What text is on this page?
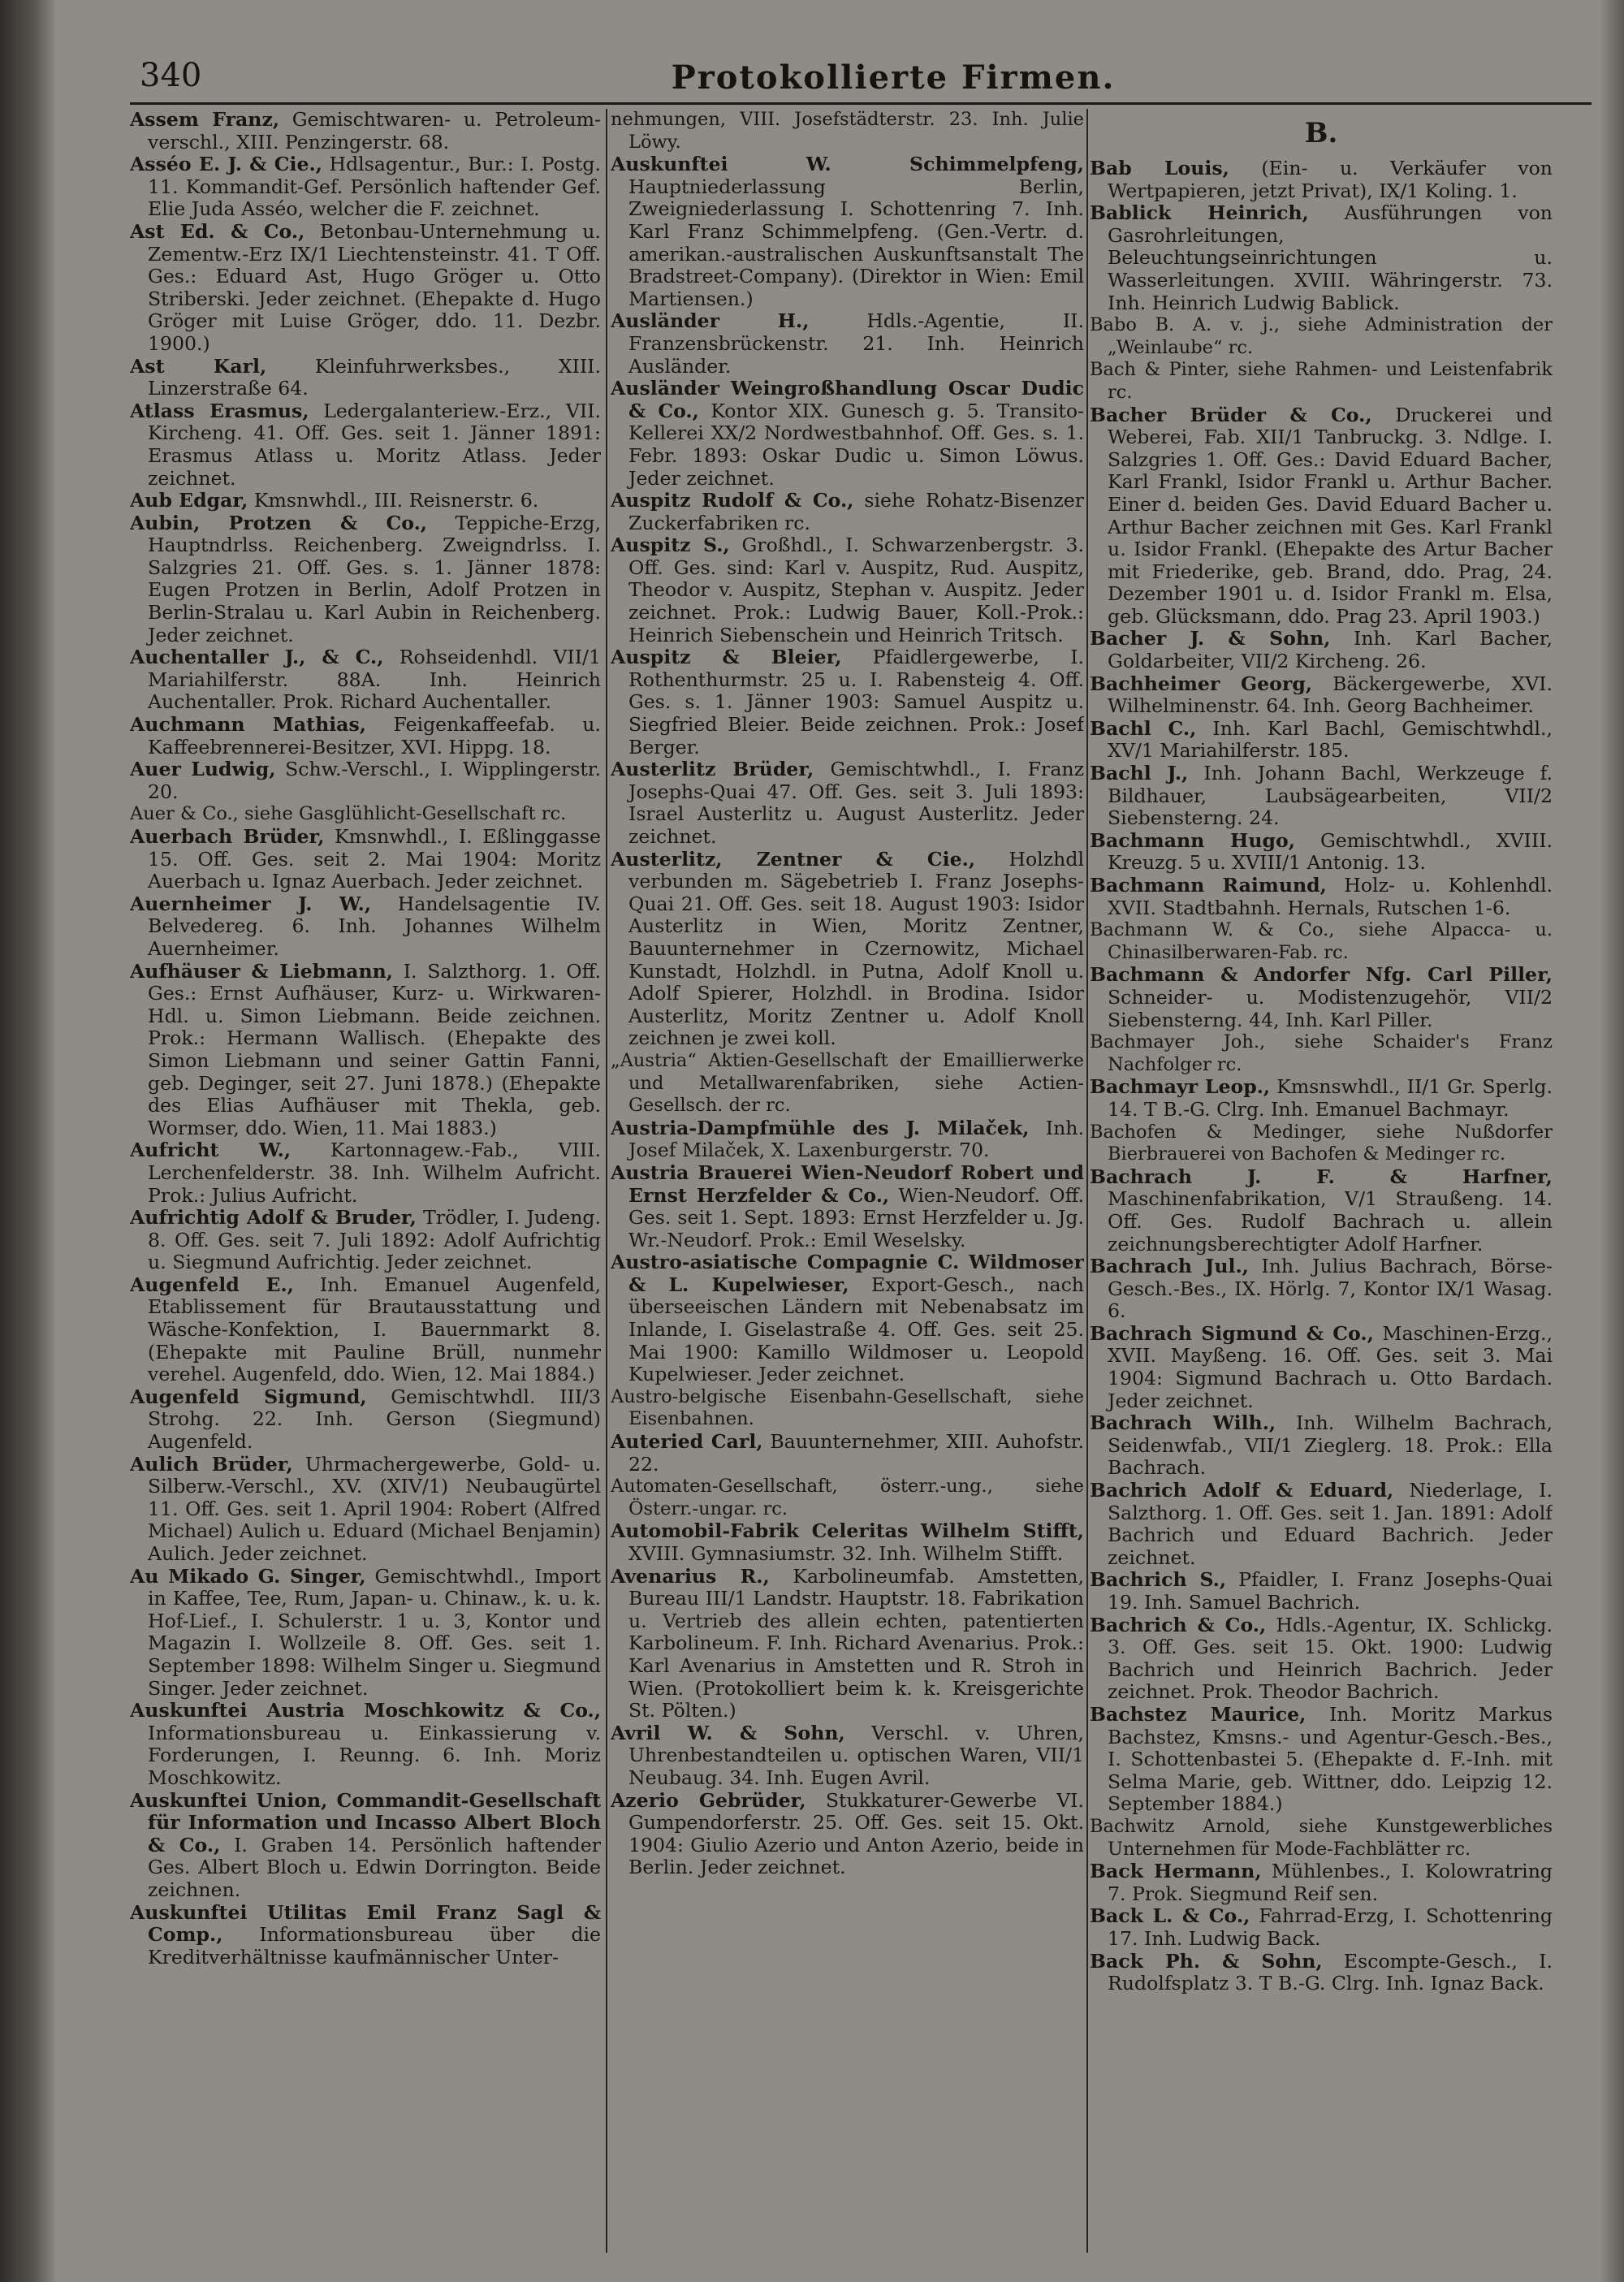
340	Protokollierte Firmen.

Assem Franz, Gemischtwaren- u. Petroleum-verschl., XIII. Penzingerstr. 68.

Asséo E. J. & Cie., Hdlsagentur., Bur.: I. Postg. 11. Kommandit-Gef. Persönlich haftender Gef. Elie Juda Asséo, welcher die F. zeichnet.

Ast Ed. & Co., Betonbau-Unternehmung u. Zementw.-Erz IX/1 Liechtensteinstr. 41. T Off. Ges.: Eduard Ast, Hugo Gröger u. Otto Striberski. Jeder zeichnet. (Ehepakte d. Hugo Gröger mit Luise Gröger, ddo. 11. Dezbr. 1900.)

Ast Karl,	Kleinfuhrwerksbes., XIII. Linzerstraße 64.

Atlass Erasmus, Ledergalanteriew.-Erz., VII. Kircheng. 41. Off. Ges. seit 1. Jänner 1891: Erasmus Atlass u. Moritz Atlass. Jeder zeichnet.

Aub Edgar, Kmsnwhdl., III. Reisnerstr. 6.

Aubin, Protzen & Co., Teppiche-Erzg, Hauptndrlss. Reichenberg. Zweigndrlss. I. Salzgries 21. Off. Ges. s. 1. Jänner 1878: Eugen Protzen in Berlin, Adolf Protzen in Berlin-Stralau u. Karl Aubin in Reichenberg. Jeder zeichnet.

Auchentaller J., & C., Rohseidenhdl. VII/1 Mariahilferstr. 88A. Inh. Heinrich Auchentaller. Prok. Richard Auchentaller.

Auchmann Mathias, Feigenkaffeefab. u. Kaffeebrennerei-Besitzer, XVI. Hippg. 18.

Auer Ludwig, Schw.-Verschl., I. Wipplingerstr. 20.

Auer & Co., siehe Gasglühlicht-Gesellschaft rc.

Auerbach Brüder, Kmsnwhdl., I. Eßlinggasse 15. Off. Ges. seit 2. Mai 1904: Moritz Auerbach u. Ignaz Auerbach. Jeder zeichnet.

Auernheimer J. W., Handelsagentie IV. Belvedereg. 6. Inh. Johannes Wilhelm Auernheimer.

Aufhäuser & Liebmann, I. Salzthorg. 1. Off. Ges.: Ernst Aufhäuser, Kurz- u. Wirkwaren-Hdl. u. Simon Liebmann. Beide zeichnen. Prok.: Hermann Wallisch. (Ehepakte des Simon Liebmann und seiner Gattin Fanni, geb. Deginger, seit 27. Juni 1878.) (Ehepakte des Elias Aufhäuser mit Thekla, geb. Wormser, ddo. Wien, 11. Mai 1883.)

Aufricht W., Kartonnagew.-Fab., VIII. Lerchenfelderstr. 38. Inh. Wilhelm Aufricht. Prok.: Julius Aufricht.

Aufrichtig Adolf & Bruder, Trödler, I. Judeng. 8. Off. Ges. seit 7. Juli 1892: Adolf Aufrichtig u. Siegmund Aufrichtig. Jeder zeichnet.

Augenfeld E., Inh. Emanuel Augenfeld, Etablissement für Brautausstattung und Wäsche-Konfektion, I. Bauernmarkt 8. (Ehepakte mit Pauline Brüll, nunmehr verehel. Augenfeld, ddo. Wien, 12. Mai 1884.)

Augenfeld Sigmund, Gemischtwhdl. III/3 Strohg. 22. Inh. Gerson (Siegmund) Augenfeld.

Aulich Brüder, Uhrmachergewerbe, Gold- u. Silberw.-Verschl., XV. (XIV/1) Neubaugürtel 11. Off. Ges. seit 1. April 1904: Robert (Alfred Michael) Aulich u. Eduard (Michael Benjamin) Aulich. Jeder zeichnet.

Au Mikado G. Singer, Gemischtwhdl., Import in Kaffee, Tee, Rum, Japan- u. Chinaw., k. u. k. Hof-Lief., I. Schulerstr. 1 u. 3, Kontor und Magazin I. Wollzeile 8. Off. Ges. seit 1. September 1898: Wilhelm Singer u. Siegmund Singer. Jeder zeichnet.

Auskunftei Austria Moschkowitz & Co., Informationsbureau u. Einkassierung v. Forderungen, I. Reunng. 6. Inh. Moriz Moschkowitz.

Auskunftei Union, Commandit-Gesellschaft für Information und Incasso Albert Bloch & Co., I. Graben 14. Persönlich haftender Ges. Albert Bloch u. Edwin Dorrington. Beide zeichnen.

Auskunftei Utilitas Emil Franz Sagl & Comp., Informationsbureau über die Kreditverhältnisse kaufmännischer Unter-

nehmungen, VIII. Josefstädterstr. 23. Inh. Julie Löwy.

Auskunftei W. Schimmelpfeng, Hauptniederlassung Berlin, Zweigniederlassung I. Schottenring 7. Inh. Karl Franz Schimmelpfeng. (Gen.-Vertr. d. amerikan.-australischen Auskunftsanstalt The Bradstreet-Company). (Direktor in Wien: Emil Martiensen.)

Ausländer H.,	Hdls.-Agentie, II. Franzensbrückenstr. 21. Inh. Heinrich Ausländer.

Ausländer Weingroßhandlung Oscar Dudic & Co., Kontor XIX. Gunesch g. 5. Transito-Kellerei XX/2 Nordwestbahnhof. Off. Ges. s. 1. Febr. 1893: Oskar Dudic u. Simon Löwus. Jeder zeichnet.

Auspitz Rudolf & Co., siehe Rohatz-Bisenzer Zuckerfabriken rc.

Auspitz S., Großhdl., I. Schwarzenbergstr. 3. Off. Ges. sind: Karl v. Auspitz, Rud. Auspitz, Theodor v. Auspitz, Stephan v. Auspitz. Jeder zeichnet. Prok.: Ludwig Bauer, Koll.-Prok.: Heinrich Siebenschein und Heinrich Tritsch.

Auspitz & Bleier, Pfaidlergewerbe, I. Rothenthurmstr. 25 u. I. Rabensteig 4. Off. Ges. s. 1. Jänner 1903: Samuel Auspitz u. Siegfried Bleier. Beide zeichnen. Prok.: Josef Berger.

Austerlitz Brüder, Gemischtwhdl., I. Franz Josephs-Quai 47. Off. Ges. seit 3. Juli 1893: Israel Austerlitz u. August Austerlitz. Jeder zeichnet.

Austerlitz, Zentner & Cie., Holzhdl verbunden m. Sägebetrieb I. Franz Josephs-Quai 21. Off. Ges. seit 18. August 1903: Isidor Austerlitz in Wien, Moritz Zentner, Bauunternehmer in Czernowitz, Michael Kunstadt, Holzhdl. in Putna, Adolf Knoll u. Adolf Spierer, Holzhdl. in Brodina. Isidor Austerlitz, Moritz Zentner u. Adolf Knoll zeichnen je zwei koll.

„Austria“ Aktien-Gesellschaft der Emaillierwerke und Metallwarenfabriken, siehe Actien-Gesellsch. der rc.

Austria-Dampfmühle des J. Milaček, Inh. Josef Milaček, X. Laxenburgerstr. 70.

Austria Brauerei Wien-Neudorf Robert und Ernst Herzfelder & Co., Wien-Neudorf. Off. Ges. seit 1. Sept. 1893: Ernst Herzfelder u. Jg. Wr.-Neudorf. Prok.: Emil Weselsky.

Austro-asiatische Compagnie C. Wildmoser & L. Kupelwieser, Export-Gesch., nach überseeischen Ländern mit Nebenabsatz im Inlande, I. Giselastraße 4. Off. Ges. seit 25. Mai 1900: Kamillo Wildmoser u. Leopold Kupelwieser. Jeder zeichnet.

Austro-belgische Eisenbahn-Gesellschaft, siehe Eisenbahnen.

Auteried Carl, Bauunternehmer, XIII. Auhofstr. 22.

Automaten-Gesellschaft, österr.-ung., siehe Österr.-ungar. rc.

Automobil-Fabrik Celeritas Wilhelm Stifft, XVIII. Gymnasiumstr. 32. Inh. Wilhelm Stifft.

Avenarius R., Karbolineumfab. Amstetten, Bureau III/1 Landstr. Hauptstr. 18. Fabrikation u. Vertrieb des allein echten, patentierten Karbolineum. F. Inh. Richard Avenarius. Prok.: Karl Avenarius in Amstetten und R. Stroh in Wien. (Protokolliert beim k. k. Kreisgerichte St. Pölten.)

Avril W. & Sohn, Verschl. v. Uhren, Uhrenbestandteilen u. optischen Waren, VII/1 Neubaug. 34. Inh. Eugen Avril.

Azerio Gebrüder, Stukkaturer-Gewerbe VI. Gumpendorferstr. 25. Off. Ges. seit 15. Okt. 1904: Giulio Azerio und Anton Azerio, beide in Berlin. Jeder zeichnet.

B.

Bab Louis, (Ein- u. Verkäufer von Wertpapieren, jetzt Privat), IX/1 Koling. 1.

Bablick Heinrich, Ausführungen von Gasrohrleitungen, Beleuchtungseinrichtungen u. Wasserleitungen. XVIII. Währingerstr. 73. Inh. Heinrich Ludwig Bablick.

Babo B. A. v. j., siehe Administration der „Weinlaube“ rc.

Bach & Pinter, siehe Rahmen- und Leistenfabrik rc.

Bacher Brüder & Co., Druckerei und Weberei, Fab. XII/1 Tanbruckg. 3. Ndlge. I. Salzgries 1. Off. Ges.: David Eduard Bacher, Karl Frankl, Isidor Frankl u. Arthur Bacher. Einer d. beiden Ges. David Eduard Bacher u. Arthur Bacher zeichnen mit Ges. Karl Frankl u. Isidor Frankl. (Ehepakte des Artur Bacher mit Friederike, geb. Brand, ddo. Prag, 24. Dezember 1901 u. d. Isidor Frankl m. Elsa, geb. Glücksmann, ddo. Prag 23. April 1903.)

Bacher J. & Sohn, Inh. Karl Bacher, Goldarbeiter, VII/2 Kircheng. 26.

Bachheimer Georg, Bäckergewerbe, XVI. Wilhelminenstr. 64. Inh. Georg Bachheimer.

Bachl C., Inh. Karl Bachl, Gemischtwhdl., XV/1 Mariahilferstr. 185.

Bachl J., Inh. Johann Bachl, Werkzeuge f. Bildhauer, Laubsägearbeiten, VII/2 Siebensterng. 24.

Bachmann Hugo, Gemischtwhdl., XVIII. Kreuzg. 5 u. XVIII/1 Antonig. 13.

Bachmann Raimund, Holz- u. Kohlenhdl. XVII. Stadtbahnh. Hernals, Rutschen 1-6.

Bachmann W. & Co., siehe Alpacca- u. Chinasilberwaren-Fab. rc.

Bachmann & Andorfer Nfg. Carl Piller, Schneider- u. Modistenzugehör, VII/2 Siebensterng. 44, Inh. Karl Piller.

Bachmayer Joh., siehe Schaider's Franz Nachfolger rc.

Bachmayr Leop., Kmsnswhdl., II/1 Gr. Sperlg. 14. T B.-G. Clrg. Inh. Emanuel Bachmayr.

Bachofen & Medinger, siehe Nußdorfer Bierbrauerei von Bachofen & Medinger rc.

Bachrach J. F. & Harfner, Maschinenfabrikation, V/1 Straußeng. 14. Off. Ges. Rudolf Bachrach u. allein zeichnungsberechtigter Adolf Harfner.

Bachrach Jul., Inh. Julius Bachrach, Börse-Gesch.-Bes., IX. Hörlg. 7, Kontor IX/1 Wasag. 6.

Bachrach Sigmund & Co., Maschinen-Erzg., XVII. Mayßeng. 16. Off. Ges. seit 3. Mai 1904: Sigmund Bachrach u. Otto Bardach. Jeder zeichnet.

Bachrach Wilh., Inh. Wilhelm Bachrach, Seidenwfab., VII/1 Zieglerg. 18. Prok.: Ella Bachrach.

Bachrich Adolf & Eduard, Niederlage, I. Salzthorg. 1. Off. Ges. seit 1. Jan. 1891: Adolf Bachrich und Eduard Bachrich. Jeder zeichnet.

Bachrich S., Pfaidler, I. Franz Josephs-Quai 19. Inh. Samuel Bachrich.

Bachrich & Co., Hdls.-Agentur, IX. Schlickg. 3. Off. Ges. seit 15. Okt. 1900: Ludwig Bachrich und Heinrich Bachrich. Jeder zeichnet. Prok. Theodor Bachrich.

Bachstez Maurice, Inh. Moritz Markus Bachstez, Kmsns.- und Agentur-Gesch.-Bes., I. Schottenbastei 5. (Ehepakte d. F.-Inh. mit Selma Marie, geb. Wittner, ddo. Leipzig 12. September 1884.)

Bachwitz Arnold, siehe Kunstgewerbliches Unternehmen für Mode-Fachblätter rc.

Back Hermann, Mühlenbes., I. Kolowratring 7. Prok. Siegmund Reif sen.

Back L. & Co., Fahrrad-Erzg, I. Schottenring 17. Inh. Ludwig Back.

Back Ph. & Sohn, Escompte-Gesch., I. Rudolfsplatz 3. T B.-G. Clrg. Inh. Ignaz Back.
